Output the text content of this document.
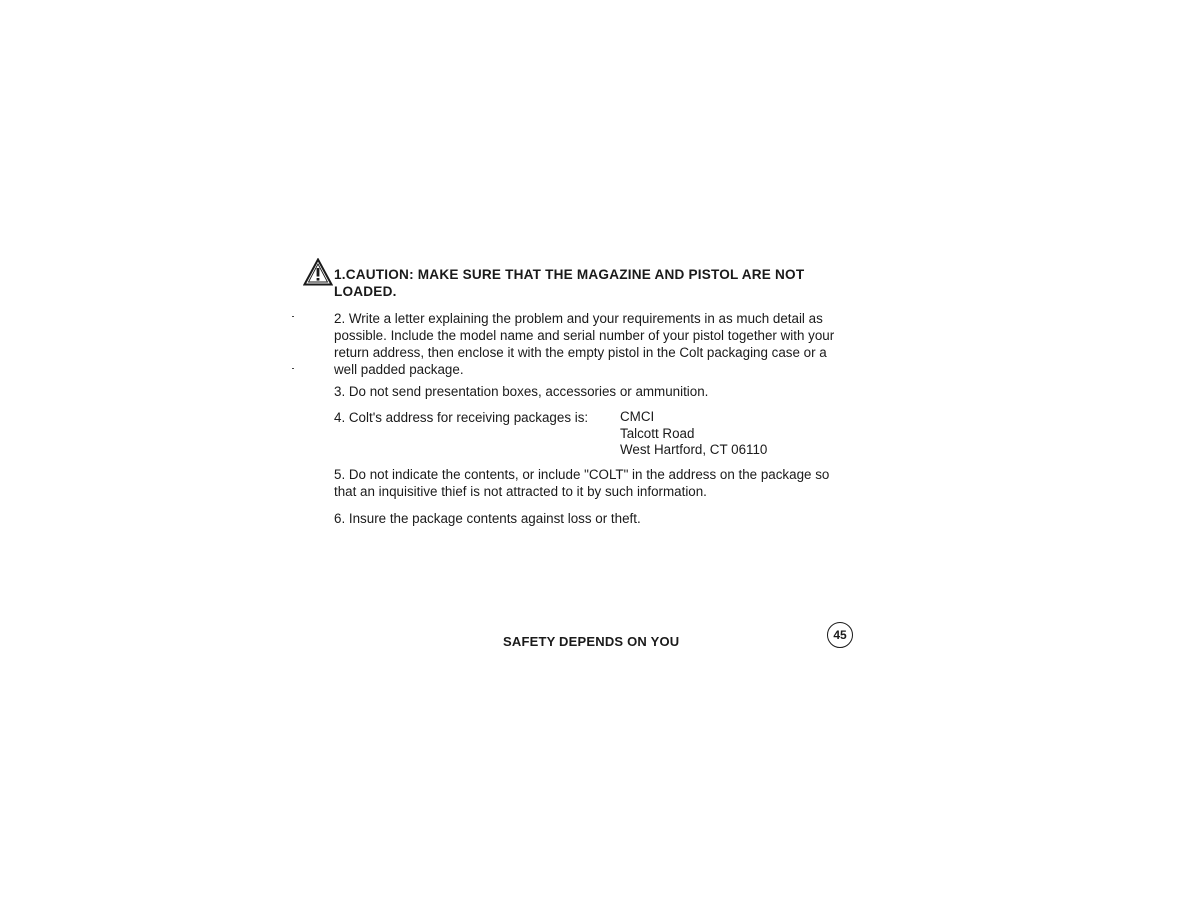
1.CAUTION: MAKE SURE THAT THE MAGAZINE AND PISTOL ARE NOT LOADED.
2. Write a letter explaining the problem and your requirements in as much detail as possible. Include the model name and serial number of your pistol together with your return address, then enclose it with the empty pistol in the Colt packaging case or a well padded package.
3. Do not send presentation boxes, accessories or ammunition.
4. Colt's address for receiving packages is: CMCI
Talcott Road
West Hartford, CT 06110
5. Do not indicate the contents, or include "COLT" in the address on the package so that an inquisitive thief is not attracted to it by such information.
6. Insure the package contents against loss or theft.
SAFETY DEPENDS ON YOU	45
